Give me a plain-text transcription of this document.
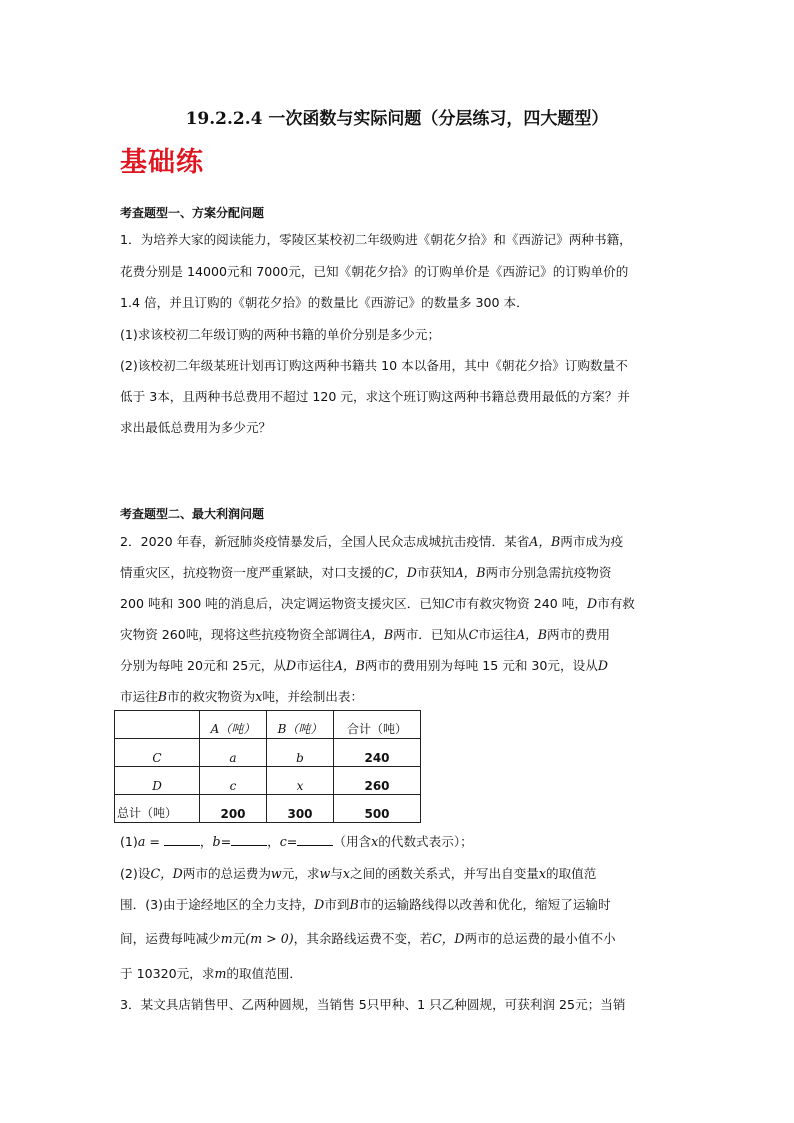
19.2.2.4 一次函数与实际问题（分层练习，四大题型）
基础练
考查题型一、方案分配问题
1．为培养大家的阅读能力，零陵区某校初二年级购进《朝花夕拾》和《西游记》两种书籍，
花费分别是 14000元和 7000元，已知《朝花夕拾》的订购单价是《西游记》的订购单价的
1.4 倍，并且订购的《朝花夕拾》的数量比《西游记》的数量多 300 本．
(1)求该校初二年级订购的两种书籍的单价分别是多少元；
(2)该校初二年级某班计划再订购这两种书籍共 10 本以备用，其中《朝花夕拾》订购数量不
低于 3本，且两种书总费用不超过 120 元，求这个班订购这两种书籍总费用最低的方案？并
求出最低总费用为多少元？
考查题型二、最大利润问题
2．2020 年春，新冠肺炎疫情暴发后，全国人民众志成城抗击疫情．某省A，B两市成为疫
情重灾区，抗疫物资一度严重紧缺，对口支援的C，D市获知A，B两市分别急需抗疫物资
200 吨和 300 吨的消息后，决定调运物资支援灾区．已知C市有救灾物资 240 吨，D市有救
灾物资 260吨，现将这些抗疫物资全部调往A，B两市．已知从C市运往A，B两市的费用
分别为每吨 20元和 25元，从D市运往A，B两市的费用别为每吨 15 元和 30元，设从D
市运往B市的救灾物资为x吨，并绘制出表：
	A（吨）	B（吨）	合计（吨）
C	a	b	240
D	c	x	260
总计（吨）	200	300	500
(1)a =	，b=	，c=	（用含x的代数式表示）；
(2)设C，D两市的总运费为w元，求w与x之间的函数关系式，并写出自变量x的取值范
围．(3)由于途经地区的全力支持，D市到B市的运输路线得以改善和优化，缩短了运输时
间，运费每吨减少m元(m > 0)，其余路线运费不变，若C，D两市的总运费的最小值不小
于 10320元，求m的取值范围．
3．某文具店销售甲、乙两种圆规，当销售 5只甲种、1 只乙种圆规，可获利润 25元；当销
